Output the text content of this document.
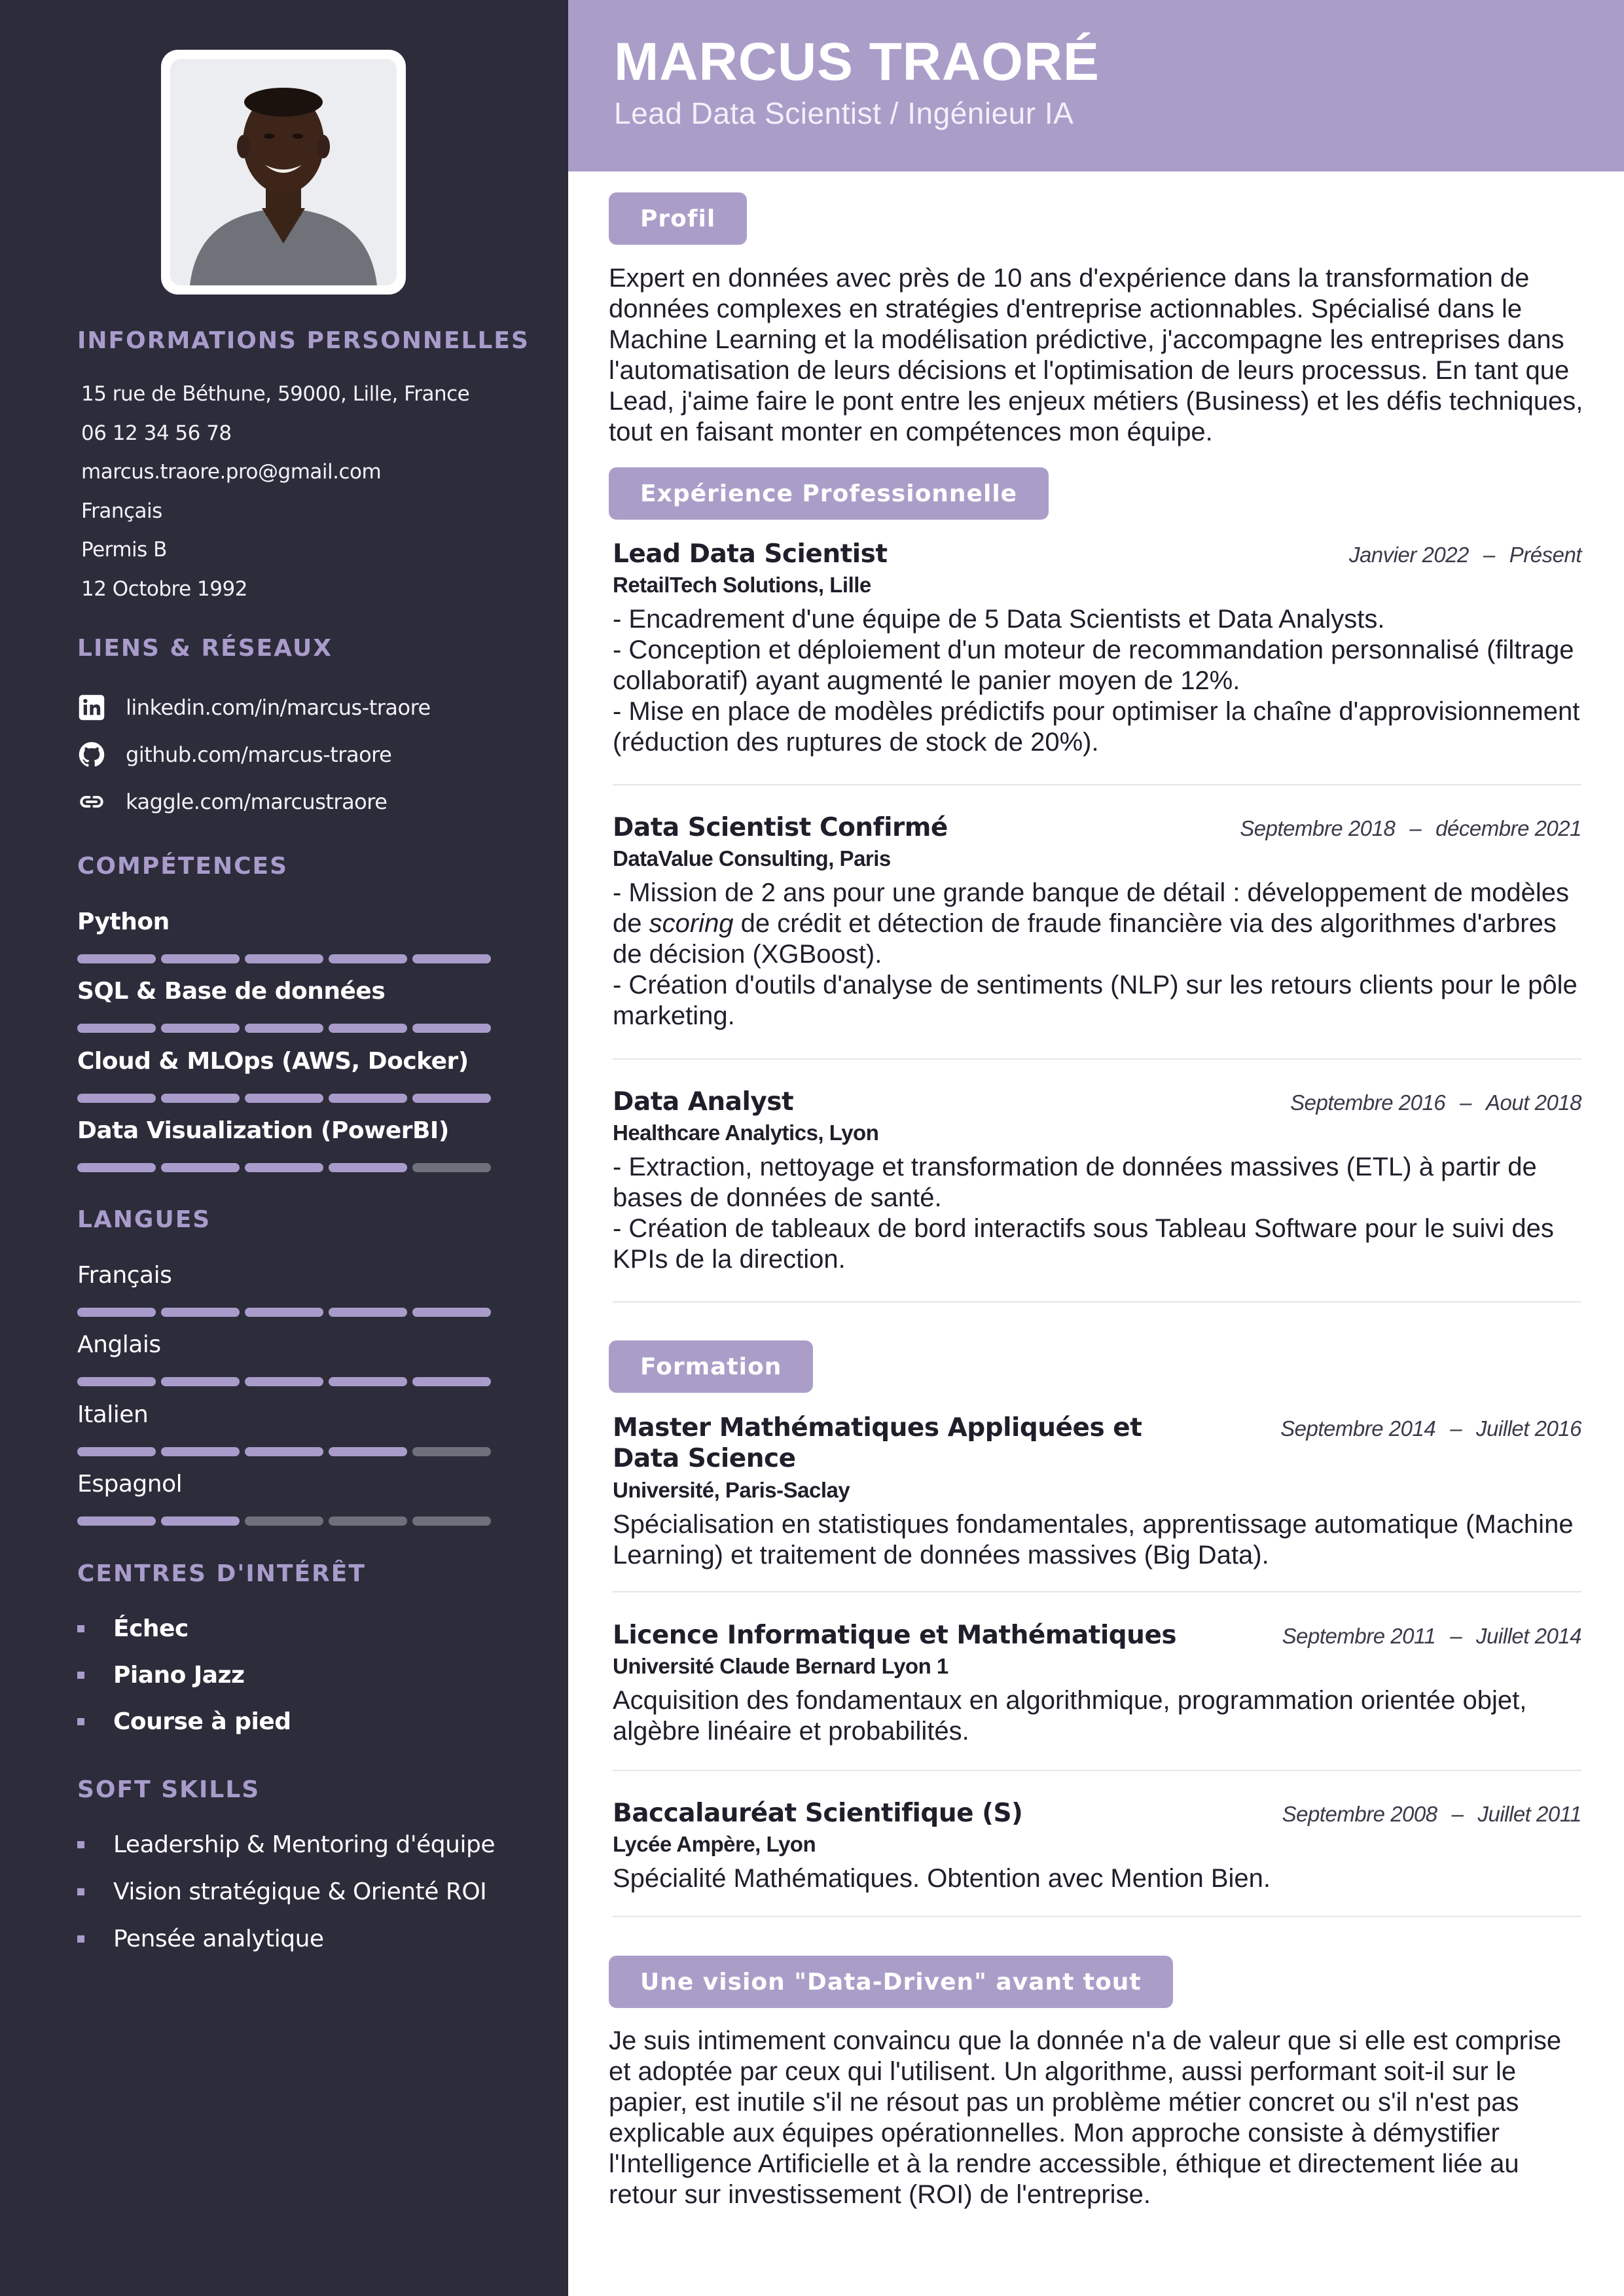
INFORMATIONS PERSONNELLES
15 rue de Béthune, 59000, Lille, France
06 12 34 56 78
marcus.traore.pro@gmail.com
Français
Permis B
12 Octobre 1992
LIENS & RÉSEAUX
linkedin.com/in/marcus-traore
github.com/marcus-traore
kaggle.com/marcustraore
COMPÉTENCES
Python
SQL & Base de données
Cloud & MLOps (AWS, Docker)
Data Visualization (PowerBI)
LANGUES
Français
Anglais
Italien
Espagnol
CENTRES D'INTÉRÊT
Échec
Piano Jazz
Course à pied
SOFT SKILLS
Leadership & Mentoring d'équipe
Vision stratégique & Orienté ROI
Pensée analytique
MARCUS TRAORÉ
Lead Data Scientist / Ingénieur IA
Profil
Expert en données avec près de 10 ans d'expérience dans la transformation de données complexes en stratégies d'entreprise actionnables. Spécialisé dans le Machine Learning et la modélisation prédictive, j'accompagne les entreprises dans l'automatisation de leurs décisions et l'optimisation de leurs processus. En tant que Lead, j'aime faire le pont entre les enjeux métiers (Business) et les défis techniques, tout en faisant monter en compétences mon équipe.
Expérience Professionnelle
Lead Data Scientist	Janvier 2022 – Présent
RetailTech Solutions, Lille
- Encadrement d'une équipe de 5 Data Scientists et Data Analysts.
- Conception et déploiement d'un moteur de recommandation personnalisé (filtrage collaboratif) ayant augmenté le panier moyen de 12%.
- Mise en place de modèles prédictifs pour optimiser la chaîne d'approvisionnement (réduction des ruptures de stock de 20%).
Data Scientist Confirmé	Septembre 2018 – décembre 2021
DataValue Consulting, Paris
- Mission de 2 ans pour une grande banque de détail : développement de modèles de scoring de crédit et détection de fraude financière via des algorithmes d'arbres de décision (XGBoost).
- Création d'outils d'analyse de sentiments (NLP) sur les retours clients pour le pôle marketing.
Data Analyst	Septembre 2016 – Aout 2018
Healthcare Analytics, Lyon
- Extraction, nettoyage et transformation de données massives (ETL) à partir de bases de données de santé.
- Création de tableaux de bord interactifs sous Tableau Software pour le suivi des KPIs de la direction.
Formation
Master Mathématiques Appliquées et Data Science
Septembre 2014 – Juillet 2016
Université, Paris-Saclay
Spécialisation en statistiques fondamentales, apprentissage automatique (Machine Learning) et traitement de données massives (Big Data).
Licence Informatique et Mathématiques	Septembre 2011 – Juillet 2014
Université Claude Bernard Lyon 1
Acquisition des fondamentaux en algorithmique, programmation orientée objet, algèbre linéaire et probabilités.
Baccalauréat Scientifique (S)	Septembre 2008 – Juillet 2011
Lycée Ampère, Lyon
Spécialité Mathématiques. Obtention avec Mention Bien.
Une vision "Data-Driven" avant tout
Je suis intimement convaincu que la donnée n'a de valeur que si elle est comprise et adoptée par ceux qui l'utilisent. Un algorithme, aussi performant soit-il sur le papier, est inutile s'il ne résout pas un problème métier concret ou s'il n'est pas explicable aux équipes opérationnelles. Mon approche consiste à démystifier l'Intelligence Artificielle et à la rendre accessible, éthique et directement liée au retour sur investissement (ROI) de l'entreprise.
